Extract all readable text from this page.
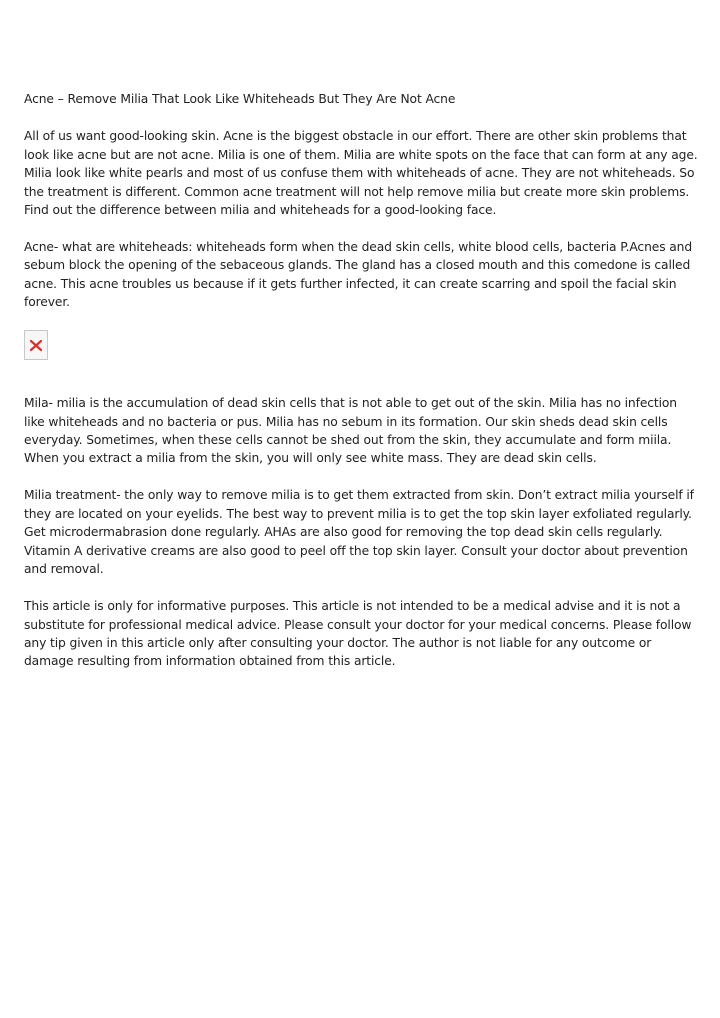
Acne – Remove Milia That Look Like Whiteheads But They Are Not Acne

All of us want good-looking skin. Acne is the biggest obstacle in our effort. There are other skin problems that look like acne but are not acne. Milia is one of them. Milia are white spots on the face that can form at any age. Milia look like white pearls and most of us confuse them with whiteheads of acne. They are not whiteheads. So the treatment is different. Common acne treatment will not help remove milia but create more skin problems. Find out the difference between milia and whiteheads for a good-looking face.

Acne- what are whiteheads: whiteheads form when the dead skin cells, white blood cells, bacteria P.Acnes and sebum block the opening of the sebaceous glands. The gland has a closed mouth and this comedone is called acne. This acne troubles us because if it gets further infected, it can create scarring and spoil the facial skin forever.

Mila- milia is the accumulation of dead skin cells that is not able to get out of the skin. Milia has no infection like whiteheads and no bacteria or pus. Milia has no sebum in its formation. Our skin sheds dead skin cells everyday. Sometimes, when these cells cannot be shed out from the skin, they accumulate and form miila. When you extract a milia from the skin, you will only see white mass. They are dead skin cells.

Milia treatment- the only way to remove milia is to get them extracted from skin. Don’t extract milia yourself if they are located on your eyelids. The best way to prevent milia is to get the top skin layer exfoliated regularly. Get microdermabrasion done regularly. AHAs are also good for removing the top dead skin cells regularly. Vitamin A derivative creams are also good to peel off the top skin layer. Consult your doctor about prevention and removal.

This article is only for informative purposes. This article is not intended to be a medical advise and it is not a substitute for professional medical advice. Please consult your doctor for your medical concerns. Please follow any tip given in this article only after consulting your doctor. The author is not liable for any outcome or damage resulting from information obtained from this article.
